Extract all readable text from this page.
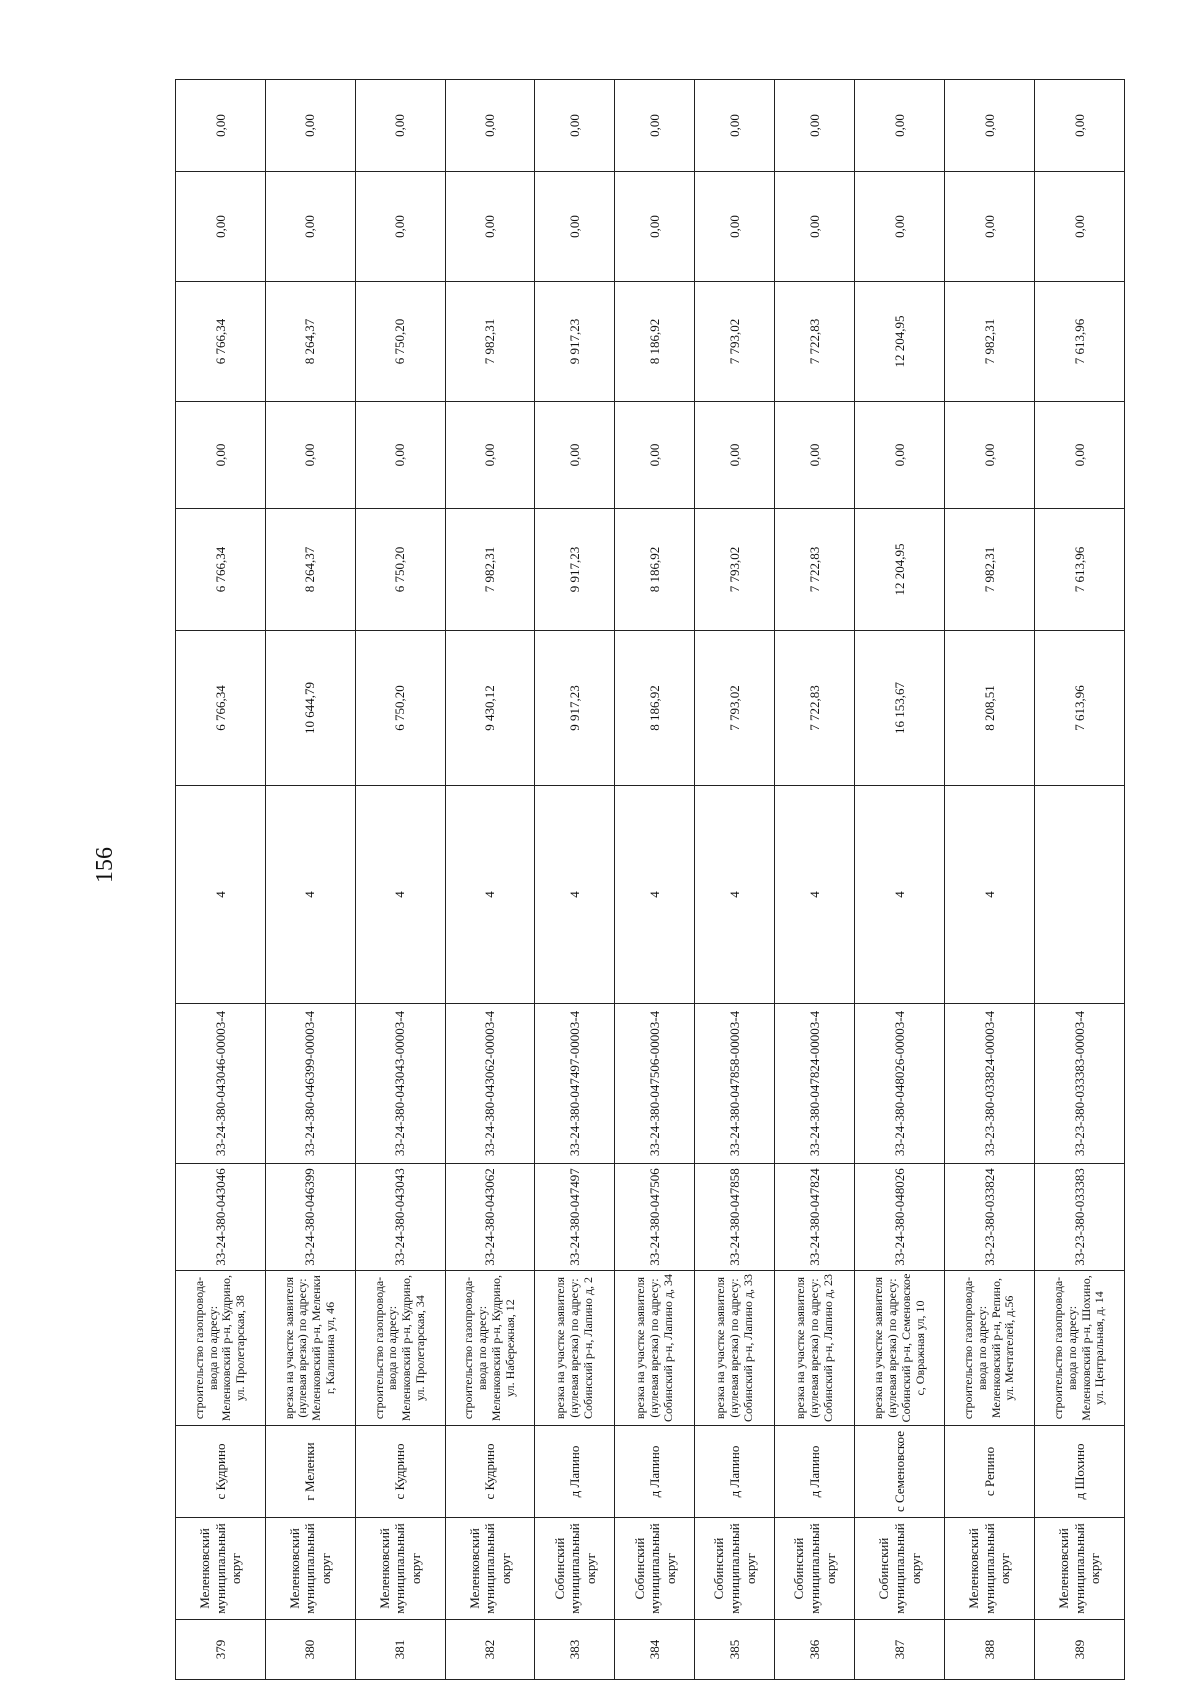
156
379	Меленковский муниципальный округ	с Кудрино	строительство газопровода-ввода по адресу: Меленковский р-н, Кудрино, ул. Пролетарская, 38	33-24-380-043046	33-24-380-043046-00003-4	4	6 766,34	6 766,34	0,00	6 766,34	0,00	0,00
380	Меленковский муниципальный округ	г Меленки	врезка на участке заявителя (нулевая врезка) по адресу: Меленковский р-н, Меленки г, Калинина ул, 46	33-24-380-046399	33-24-380-046399-00003-4	4	10 644,79	8 264,37	0,00	8 264,37	0,00	0,00
381	Меленковский муниципальный округ	с Кудрино	строительство газопровода-ввода по адресу: Меленковский р-н, Кудрино, ул. Пролетарская, 34	33-24-380-043043	33-24-380-043043-00003-4	4	6 750,20	6 750,20	0,00	6 750,20	0,00	0,00
382	Меленковский муниципальный округ	с Кудрино	строительство газопровода-ввода по адресу: Меленковский р-н, Кудрино, ул. Набережная, 12	33-24-380-043062	33-24-380-043062-00003-4	4	9 430,12	7 982,31	0,00	7 982,31	0,00	0,00
383	Собинский муниципальный округ	д Лапино	врезка на участке заявителя (нулевая врезка) по адресу: Собинский р-н, Лапино д, 2	33-24-380-047497	33-24-380-047497-00003-4	4	9 917,23	9 917,23	0,00	9 917,23	0,00	0,00
384	Собинский муниципальный округ	д Лапино	врезка на участке заявителя (нулевая врезка) по адресу: Собинский р-н, Лапино д, 34	33-24-380-047506	33-24-380-047506-00003-4	4	8 186,92	8 186,92	0,00	8 186,92	0,00	0,00
385	Собинский муниципальный округ	д Лапино	врезка на участке заявителя (нулевая врезка) по адресу: Собинский р-н, Лапино д, 33	33-24-380-047858	33-24-380-047858-00003-4	4	7 793,02	7 793,02	0,00	7 793,02	0,00	0,00
386	Собинский муниципальный округ	д Лапино	врезка на участке заявителя (нулевая врезка) по адресу: Собинский р-н, Лапино д, 23	33-24-380-047824	33-24-380-047824-00003-4	4	7 722,83	7 722,83	0,00	7 722,83	0,00	0,00
387	Собинский муниципальный округ	с Семеновское	врезка на участке заявителя (нулевая врезка) по адресу: Собинский р-н, Семеновское с, Овражная ул, 10	33-24-380-048026	33-24-380-048026-00003-4	4	16 153,67	12 204,95	0,00	12 204,95	0,00	0,00
388	Меленковский муниципальный округ	с Репино	строительство газопровода-ввода по адресу: Меленковский р-н, Репино, ул. Мечтателей, д.56	33-23-380-033824	33-23-380-033824-00003-4	4	8 208,51	7 982,31	0,00	7 982,31	0,00	0,00
389	Меленковский муниципальный округ	д Шохино	строительство газопровода-ввода по адресу: Меленковский р-н, Шохино, ул. Центральная, д. 14	33-23-380-033383	33-23-380-033383-00003-4		7 613,96	7 613,96	0,00	7 613,96	0,00	0,00
